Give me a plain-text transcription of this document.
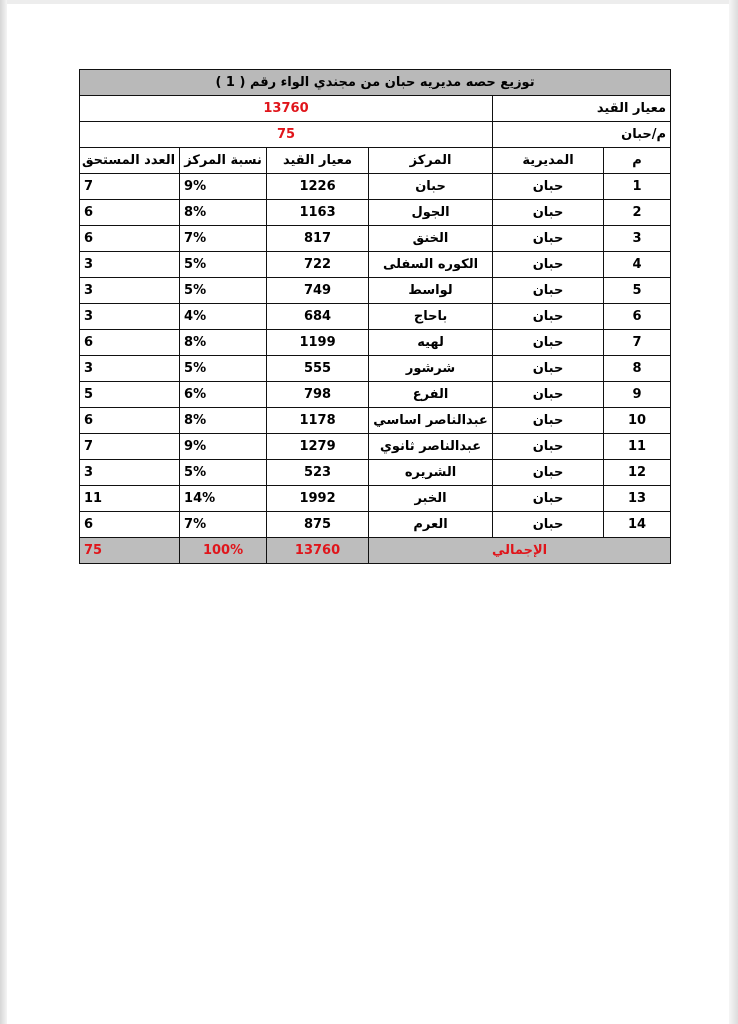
توزيع حصه مديريه حبان من مجندي الواء رقم ( 1 )					
معيار القيد		13760			
م/حبان		75			
م	المديرية	المركز	معيار القيد	نسبة المركز	العدد المستحق
1	حبان	حبان	1226	9%	7
2	حبان	الجول	1163	8%	6
3	حبان	الخنق	817	7%	6
4	حبان	الكوره السفلى	722	5%	3
5	حبان	لواسط	749	5%	3
6	حبان	باحاج	684	4%	3
7	حبان	لهيه	1199	8%	6
8	حبان	شرشور	555	5%	3
9	حبان	الفرع	798	6%	5
10	حبان	عبدالناصر اساسي	1178	8%	6
11	حبان	عبدالناصر ثانوي	1279	9%	7
12	حبان	الشريره	523	5%	3
13	حبان	الخبر	1992	14%	11
14	حبان	العرم	875	7%	6
الإجمالي			13760	100%	75
